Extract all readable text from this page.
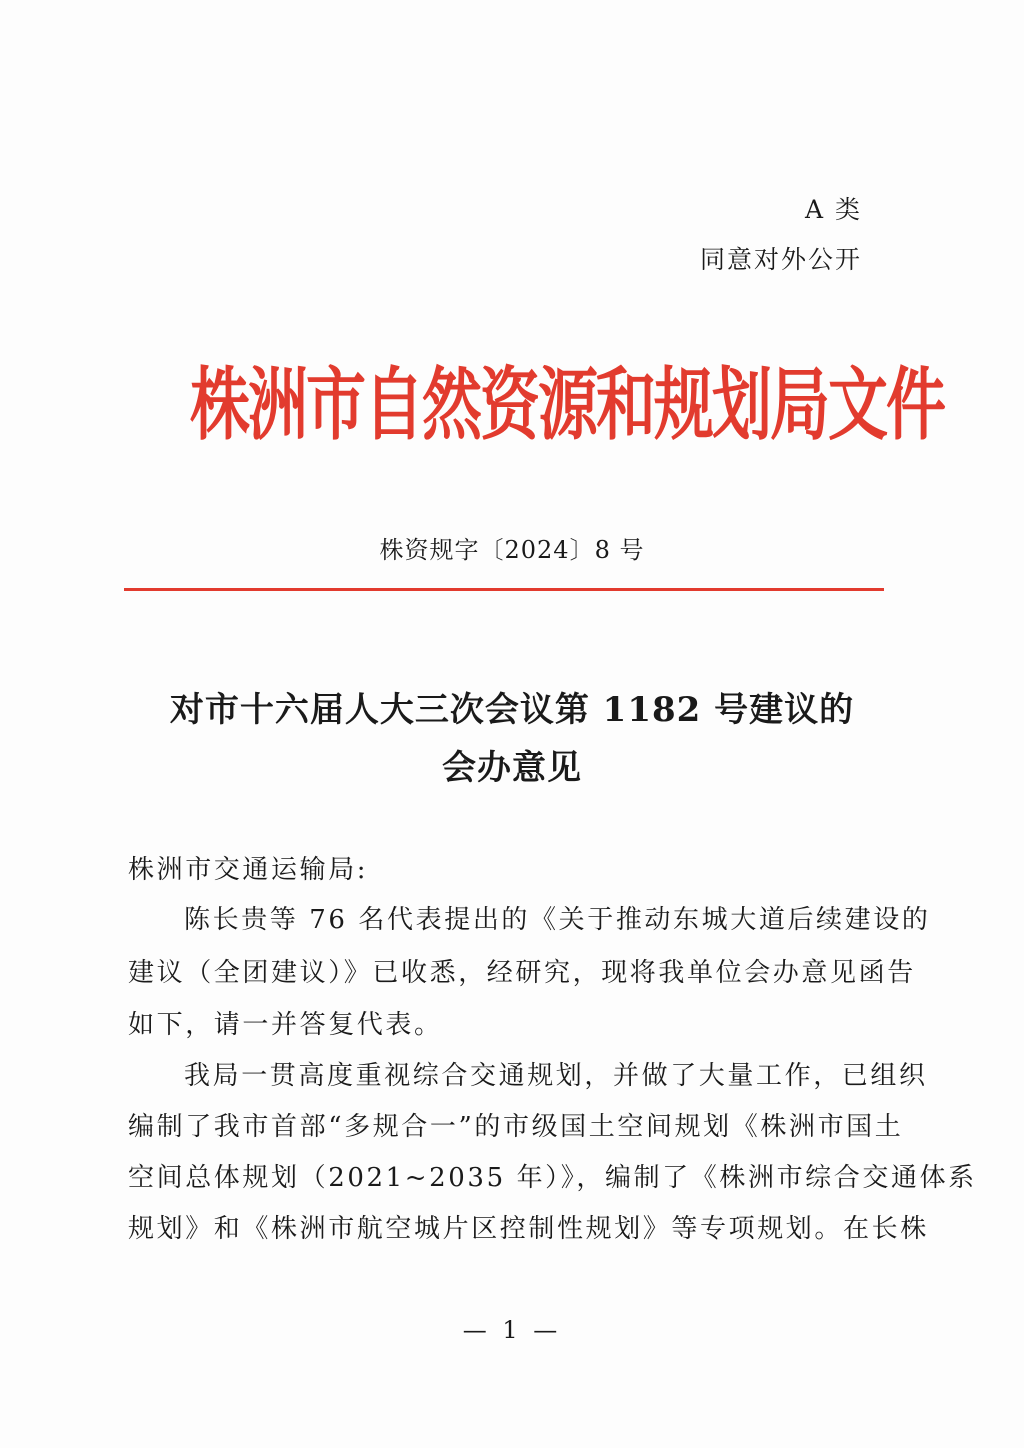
A 类
同意对外公开
株洲市自然资源和规划局文件
株资规字〔2024〕8 号
对市十六届人大三次会议第 1182 号建议的
会办意见
株洲市交通运输局:
陈长贵等 76 名代表提出的《关于推动东城大道后续建设的
建议（全团建议）》已收悉，经研究，现将我单位会办意见函告
如下，请一并答复代表。
我局一贯高度重视综合交通规划，并做了大量工作，已组织
编制了我市首部“多规合一”的市级国土空间规划《株洲市国土
空间总体规划（2021~2035 年）》，编制了《株洲市综合交通体系
规划》和《株洲市航空城片区控制性规划》等专项规划。在长株
— 1 —
